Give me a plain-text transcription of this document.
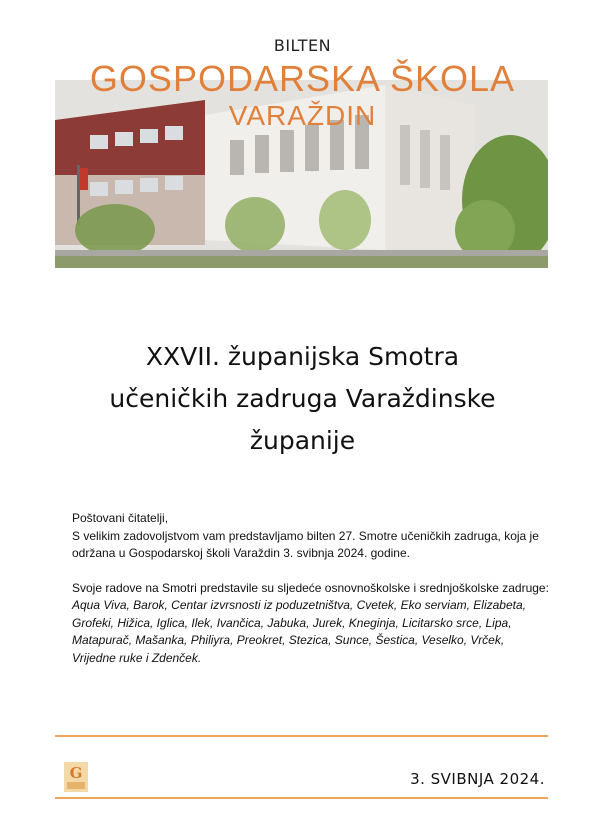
BILTEN
GOSPODARSKA ŠKOLA
VARAŽDIN
XXVII. županijska Smotra
učeničkih zadruga Varaždinske
županije

Poštovani čitatelji,

S velikim zadovoljstvom vam predstavljamo bilten 27. Smotre učeničkih zadruga, koja je održana u Gospodarskoj školi Varaždin 3. svibnja 2024. godine.

Svoje radove na Smotri predstavile su sljedeće osnovnoškolske i srednjoškolske zadruge: Aqua Viva, Barok, Centar izvrsnosti iz poduzetništva, Cvetek, Eko serviam, Elizabeta, Grofeki, Hižica, Iglica, Ilek, Ivančica, Jabuka, Jurek, Kneginja, Licitarsko srce, Lipa, Matapurač, Mašanka, Philiyra, Preokret, Stezica, Sunce, Šestica, Veselko, Vrček, Vrijedne ruke i Zdenček.

G	3. SVIBNJA 2024.
